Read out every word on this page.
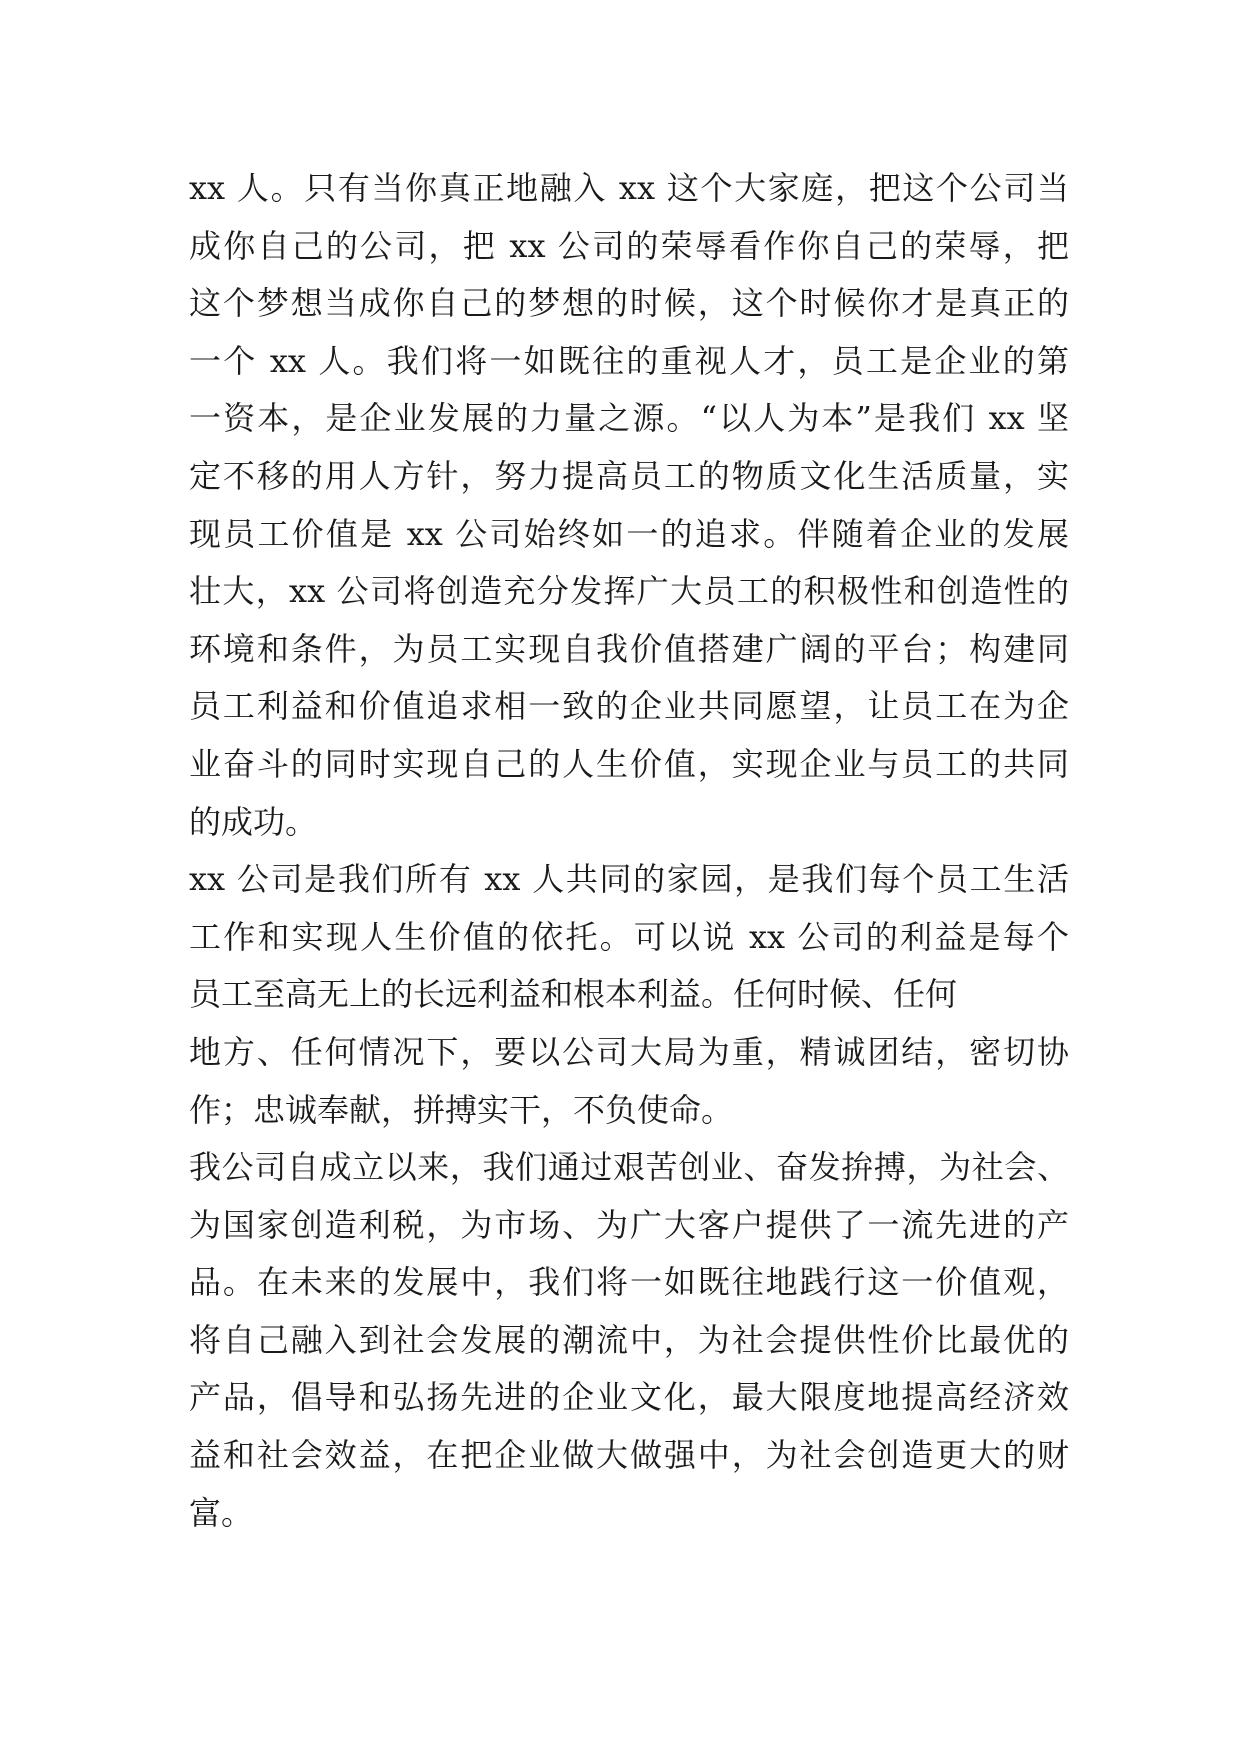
xx 人。只有当你真正地融入 xx 这个大家庭，把这个公司当
成你自己的公司，把 xx 公司的荣辱看作你自己的荣辱，把
这个梦想当成你自己的梦想的时候，这个时候你才是真正的
一个 xx 人。我们将一如既往的重视人才，员工是企业的第
一资本，是企业发展的力量之源。“以人为本”是我们 xx 坚
定不移的用人方针，努力提高员工的物质文化生活质量，实
现员工价值是 xx 公司始终如一的追求。伴随着企业的发展
壮大，xx 公司将创造充分发挥广大员工的积极性和创造性的
环境和条件，为员工实现自我价值搭建广阔的平台；构建同
员工利益和价值追求相一致的企业共同愿望，让员工在为企
业奋斗的同时实现自己的人生价值，实现企业与员工的共同
的成功。
xx 公司是我们所有 xx 人共同的家园，是我们每个员工生活
工作和实现人生价值的依托。可以说 xx 公司的利益是每个
员工至高无上的长远利益和根本利益。任何时候、任何
地方、任何情况下，要以公司大局为重，精诚团结，密切协
作；忠诚奉献，拼搏实干，不负使命。
我公司自成立以来，我们通过艰苦创业、奋发拚搏，为社会、
为国家创造利税，为市场、为广大客户提供了一流先进的产
品。在未来的发展中，我们将一如既往地践行这一价值观，
将自己融入到社会发展的潮流中，为社会提供性价比最优的
产品，倡导和弘扬先进的企业文化，最大限度地提高经济效
益和社会效益，在把企业做大做强中，为社会创造更大的财
富。
